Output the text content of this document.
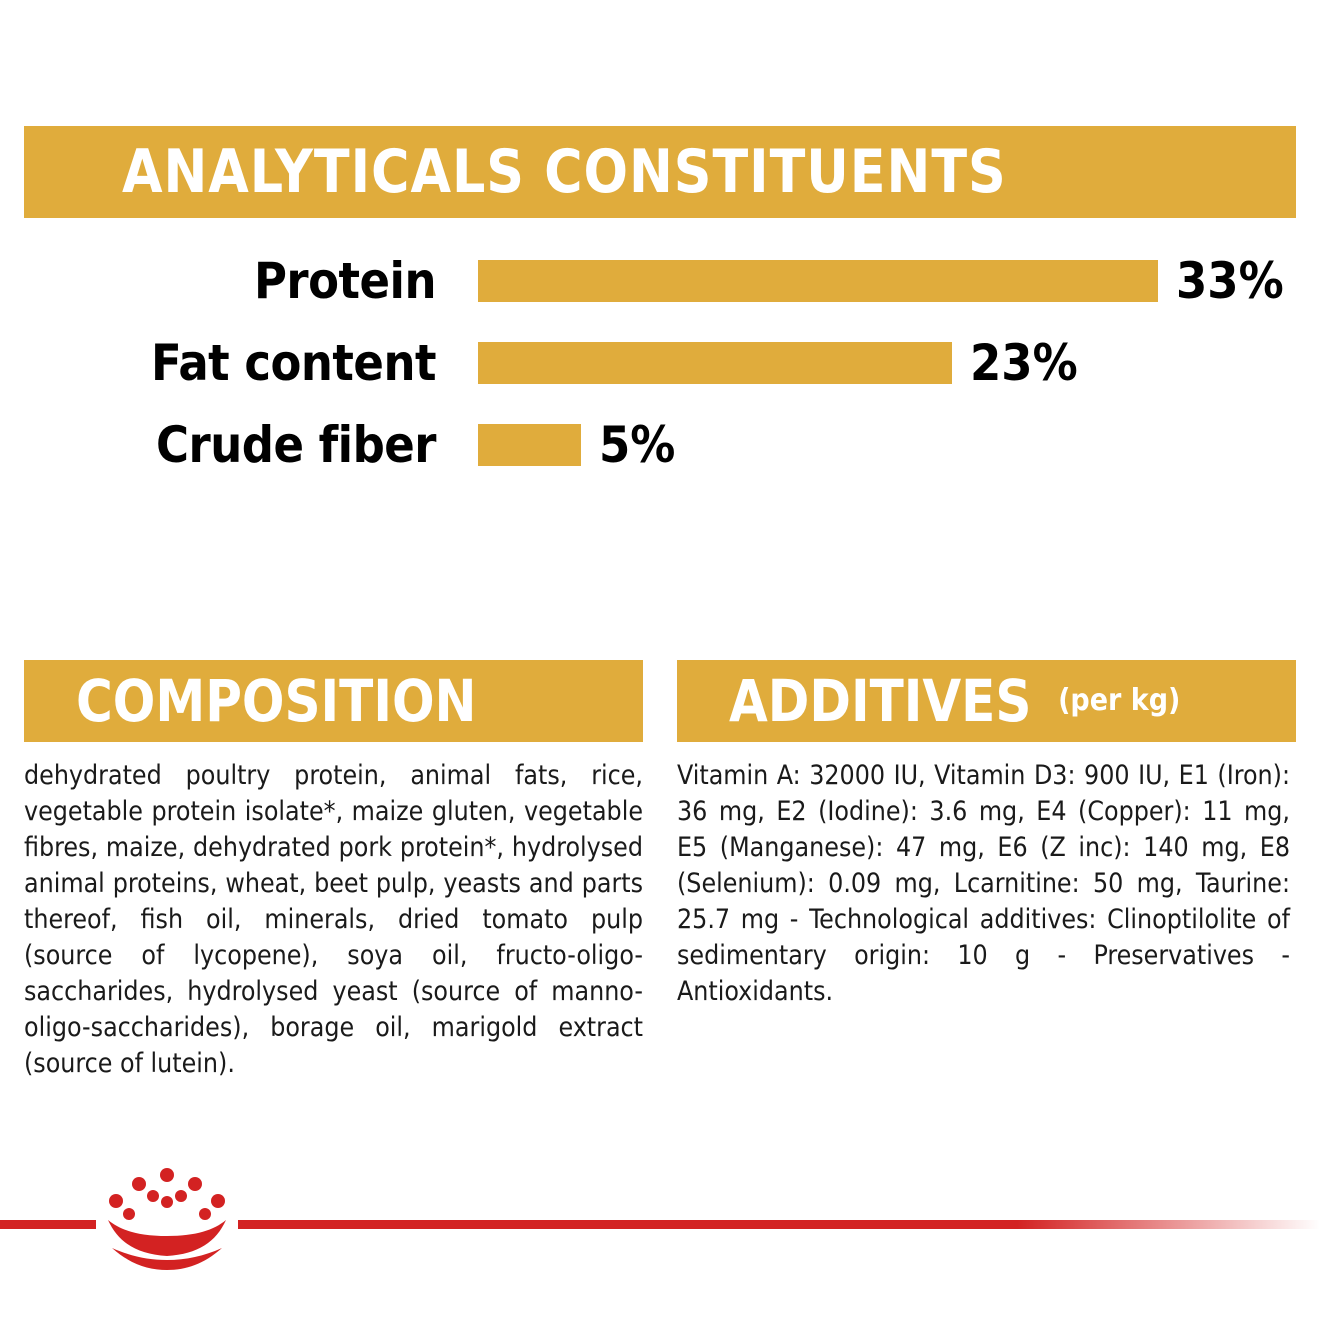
ANALYTICALS CONSTITUENTS
Protein	33%
Fat content	23%
Crude fiber	5%
COMPOSITION

dehydrated poultry protein, animal fats, rice, vegetable protein isolate*, maize gluten, vegetable fibres, maize, dehydrated pork protein*, hydrolysed animal proteins, wheat, beet pulp, yeasts and parts thereof, fish oil, minerals, dried tomato pulp (source of lycopene), soya oil, fructo-oligo-saccharides, hydrolysed yeast (source of manno-oligo-saccharides), borage oil, marigold extract (source of lutein).

ADDITIVES (per kg)

Vitamin A: 32000 IU, Vitamin D3: 900 IU, E1 (Iron): 36 mg, E2 (Iodine): 3.6 mg, E4 (Copper): 11 mg, E5 (Manganese): 47 mg, E6 (Z inc): 140 mg, E8 (Selenium): 0.09 mg, Lcarnitine: 50 mg, Taurine: 25.7 mg - Technological additives: Clinoptilolite of sedimentary origin: 10 g - Preservatives - Antioxidants.
